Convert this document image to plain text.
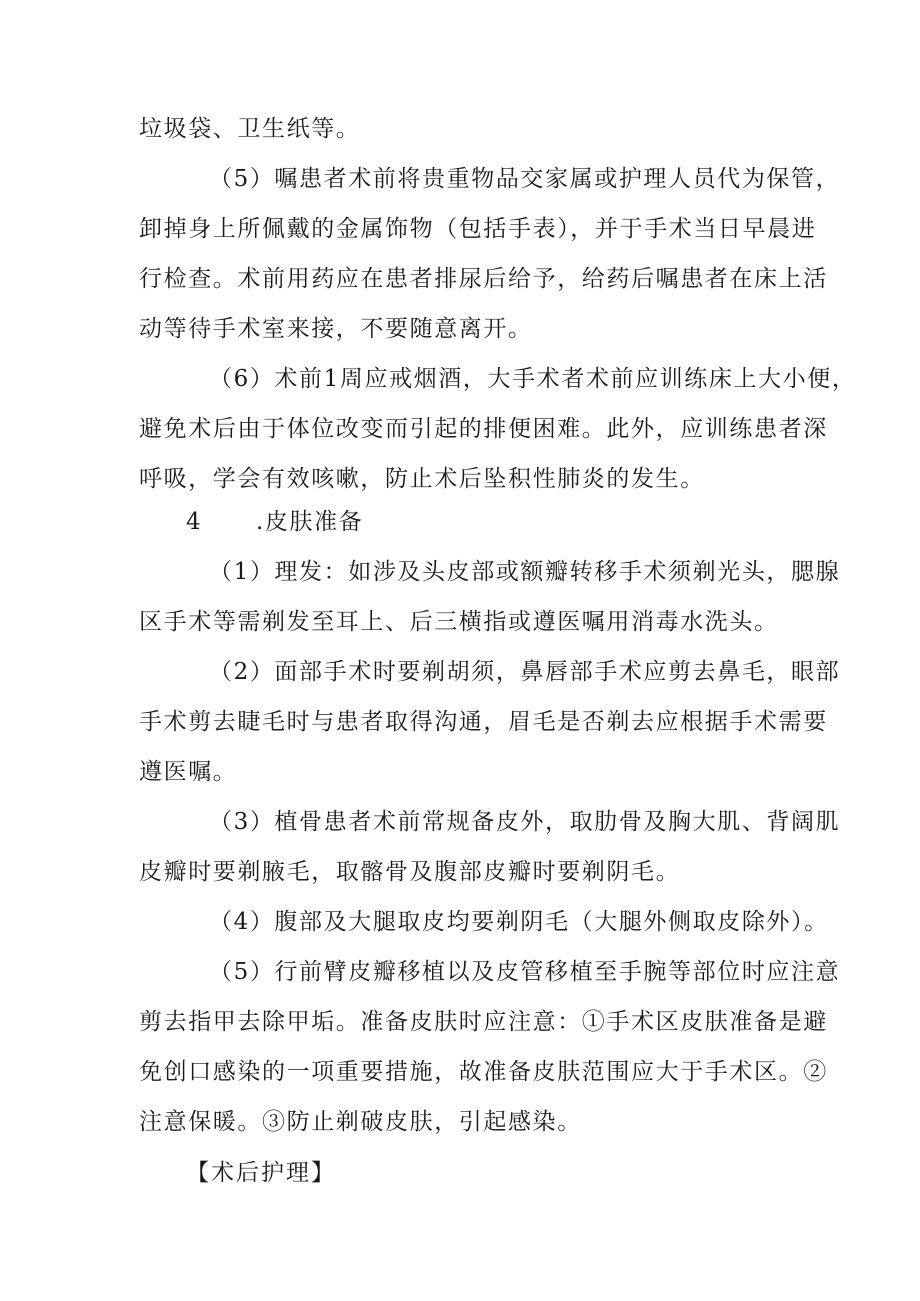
垃圾袋、卫生纸等。
（5）嘱患者术前将贵重物品交家属或护理人员代为保管，
卸掉身上所佩戴的金属饰物（包括手表），并于手术当日早晨进
行检查。术前用药应在患者排尿后给予，给药后嘱患者在床上活
动等待手术室来接，不要随意离开。
（6）术前1周应戒烟酒，大手术者术前应训练床上大小便，
避免术后由于体位改变而引起的排便困难。此外，应训练患者深
呼吸，学会有效咳嗽，防止术后坠积性肺炎的发生。
4 .皮肤准备
（1）理发：如涉及头皮部或额瓣转移手术须剃光头，腮腺
区手术等需剃发至耳上、后三横指或遵医嘱用消毒水洗头。
（2）面部手术时要剃胡须，鼻唇部手术应剪去鼻毛，眼部
手术剪去睫毛时与患者取得沟通，眉毛是否剃去应根据手术需要
遵医嘱。
（3）植骨患者术前常规备皮外，取肋骨及胸大肌、背阔肌
皮瓣时要剃腋毛，取髂骨及腹部皮瓣时要剃阴毛。
（4）腹部及大腿取皮均要剃阴毛（大腿外侧取皮除外）。
（5）行前臂皮瓣移植以及皮管移植至手腕等部位时应注意
剪去指甲去除甲垢。准备皮肤时应注意：①手术区皮肤准备是避
免创口感染的一项重要措施，故准备皮肤范围应大于手术区。②
注意保暖。③防止剃破皮肤，引起感染。
【术后护理】
